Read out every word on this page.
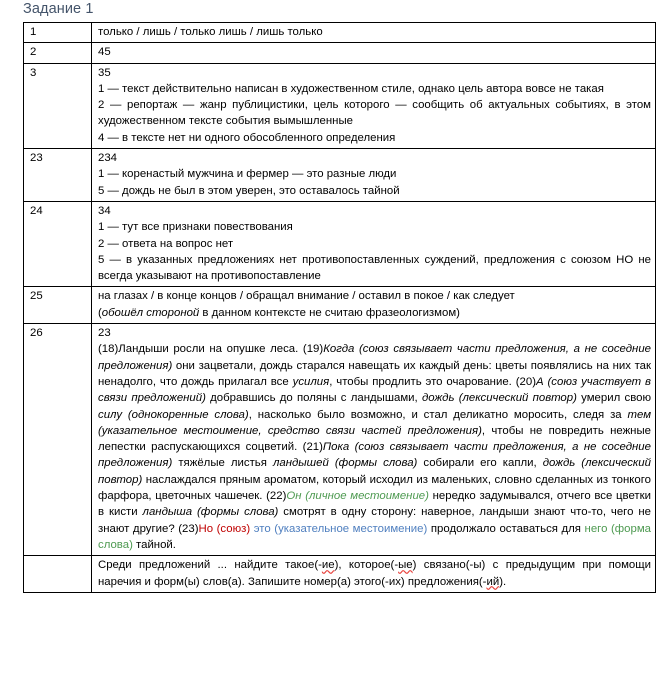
Задание 1
1	только / лишь / только лишь / лишь только

2	45

3	35
1 — текст действительно написан в художественном стиле, однако цель автора вовсе не такая
2 — репортаж — жанр публицистики, цель которого — сообщить об актуальных событиях, в этом художественном тексте события вымышленные
4 — в тексте нет ни одного обособленного определения

23	234
1 — коренастый мужчина и фермер — это разные люди
5 — дождь не был в этом уверен, это оставалось тайной

24	34
1 — тут все признаки повествования
2 — ответа на вопрос нет
5 — в указанных предложениях нет противопоставленных суждений, предложения с союзом НО не всегда указывают на противопоставление

25	на глазах / в конце концов / обращал внимание / оставил в покое / как следует
(обошёл стороной в данном контексте не считаю фразеологизмом)

26	23
(18)Ландыши росли на опушке леса. (19)Когда (союз связывает части предложения, а не соседние предложения) они зацветали, дождь старался навещать их каждый день: цветы появлялись на них так ненадолго, что дождь прилагал все усилия, чтобы продлить это очарование. (20)А (союз участвует в связи предложений) добравшись до поляны с ландышами, дождь (лексический повтор) умерил свою силу (однокоренные слова), насколько было возможно, и стал деликатно моросить, следя за тем (указательное местоимение, средство связи частей предложения), чтобы не повредить нежные лепестки распускающихся соцветий. (21)Пока (союз связывает части предложения, а не соседние предложения) тяжёлые листья ландышей (формы слова) собирали его капли, дождь (лексический повтор) наслаждался пряным ароматом, который исходил из маленьких, словно сделанных из тонкого фарфора, цветочных чашечек. (22)Он (личное местоимение) нередко задумывался, отчего все цветки в кисти ландыша (формы слова) смотрят в одну сторону: наверное, ландыши знают что-то, чего не знают другие? (23)Но (союз) это (указательное местоимение) продолжало оставаться для него (форма слова) тайной.

	Среди предложений ... найдите такое(-ие), которое(-ые) связано(-ы) с предыдущим при помощи наречия и форм(ы) слов(а). Запишите номер(а) этого(-их) предложения(-ий).
